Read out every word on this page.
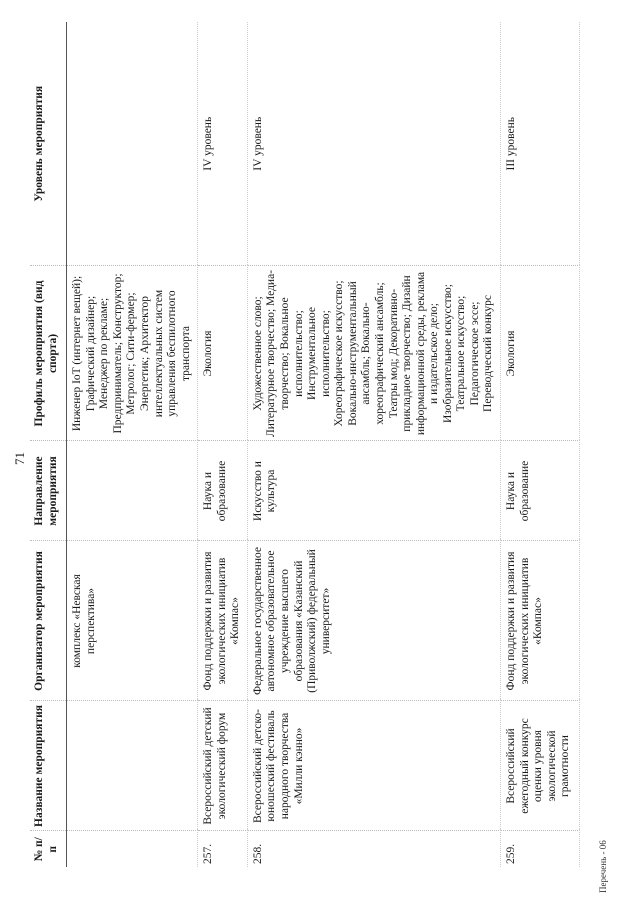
71
№ п/п	Название мероприятия	Организатор мероприятия	Направление мероприятия	Профиль мероприятия (вид спорта)	Уровень мероприятия
		комплекс «Невская перспектива»		Инженер IoT (интернет вещей); Графический дизайнер; Менеджер по рекламе; Предприниматель; Конструктор; Метролог; Сити-фермер; Энергетик; Архитектор интеллектуальных систем управления беспилотного транспорта	
257.	Всероссийский детский экологический форум	Фонд поддержки и развития экологических инициатив «Компас»	Наука и образование	Экология	IV уровень
258.	Всероссийский детско-юношеский фестиваль народного творчества «Милли кэнно»	Федеральное государственное автономное образовательное учреждение высшего образования «Казанский (Приволжский) федеральный университет»	Искусство и культура	Художественное слово; Литературное творчество; Медиа-творчество; Вокальное исполнительство; Инструментальное исполнительство; Хореографическое искусство; Вокально-инструментальный ансамбль; Вокально-хореографический ансамбль; Театры мод; Декоративно-прикладное творчество; Дизайн информационной среды, реклама и издательское дело; Изобразительное искусство; Театральное искусство; Педагогическое эссе; Переводческий конкурс	IV уровень
259.	Всероссийский ежегодный конкурс оценки уровня экологической грамотности	Фонд поддержки и развития экологических инициатив «Компас»	Наука и образование	Экология	III уровень
Перечень - 06
